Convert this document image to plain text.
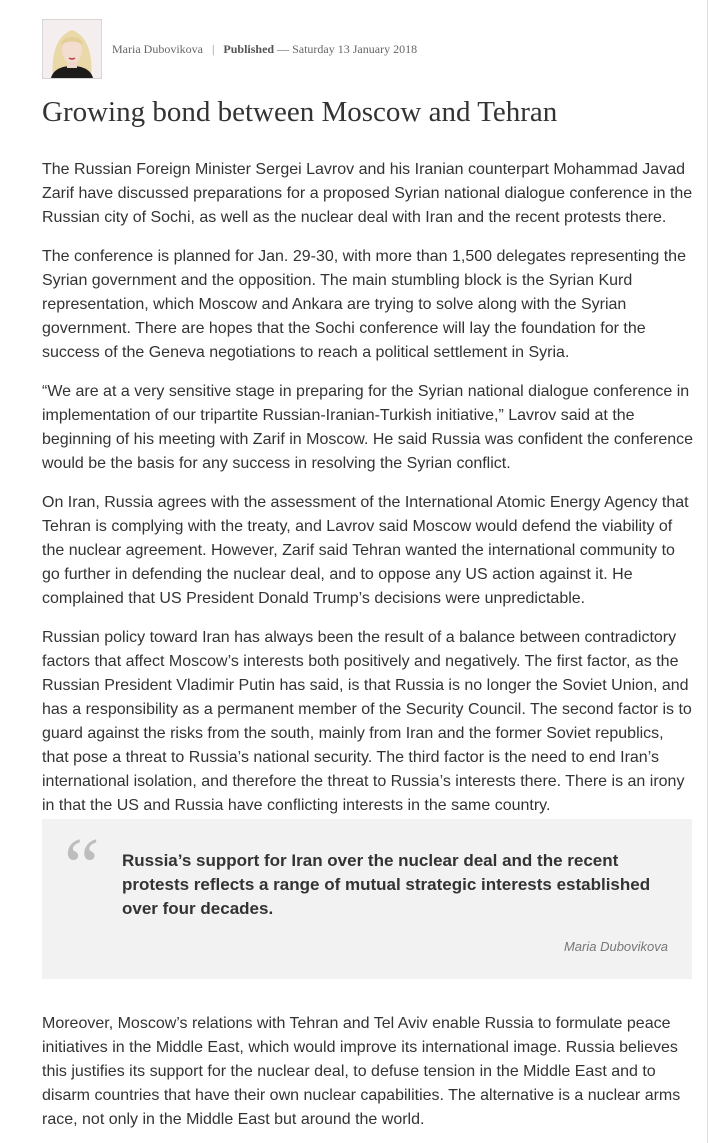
Maria Dubovikova | Published — Saturday 13 January 2018
Growing bond between Moscow and Tehran

The Russian Foreign Minister Sergei Lavrov and his Iranian counterpart Mohammad Javad Zarif have discussed preparations for a proposed Syrian national dialogue conference in the Russian city of Sochi, as well as the nuclear deal with Iran and the recent protests there.

The conference is planned for Jan. 29-30, with more than 1,500 delegates representing the Syrian government and the opposition. The main stumbling block is the Syrian Kurd representation, which Moscow and Ankara are trying to solve along with the Syrian government. There are hopes that the Sochi conference will lay the foundation for the success of the Geneva negotiations to reach a political settlement in Syria.

“We are at a very sensitive stage in preparing for the Syrian national dialogue conference in implementation of our tripartite Russian-Iranian-Turkish initiative,” Lavrov said at the beginning of his meeting with Zarif in Moscow. He said Russia was confident the conference would be the basis for any success in resolving the Syrian conflict.

On Iran, Russia agrees with the assessment of the International Atomic Energy Agency that Tehran is complying with the treaty, and Lavrov said Moscow would defend the viability of the nuclear agreement. However, Zarif said Tehran wanted the international community to go further in defending the nuclear deal, and to oppose any US action against it. He complained that US President Donald Trump’s decisions were unpredictable.

Russian policy toward Iran has always been the result of a balance between contradictory factors that affect Moscow’s interests both positively and negatively. The first factor, as the Russian President Vladimir Putin has said, is that Russia is no longer the Soviet Union, and has a responsibility as a permanent member of the Security Council. The second factor is to guard against the risks from the south, mainly from Iran and the former Soviet republics, that pose a threat to Russia’s national security. The third factor is the need to end Iran’s international isolation, and therefore the threat to Russia’s interests there. There is an irony in that the US and Russia have conflicting interests in the same country.

“ Russia’s support for Iran over the nuclear deal and the recent protests reflects a range of mutual strategic interests established over four decades.
Maria Dubovikova

Moreover, Moscow’s relations with Tehran and Tel Aviv enable Russia to formulate peace initiatives in the Middle East, which would improve its international image. Russia believes this justifies its support for the nuclear deal, to defuse tension in the Middle East and to disarm countries that have their own nuclear capabilities. The alternative is a nuclear arms race, not only in the Middle East but around the world.
